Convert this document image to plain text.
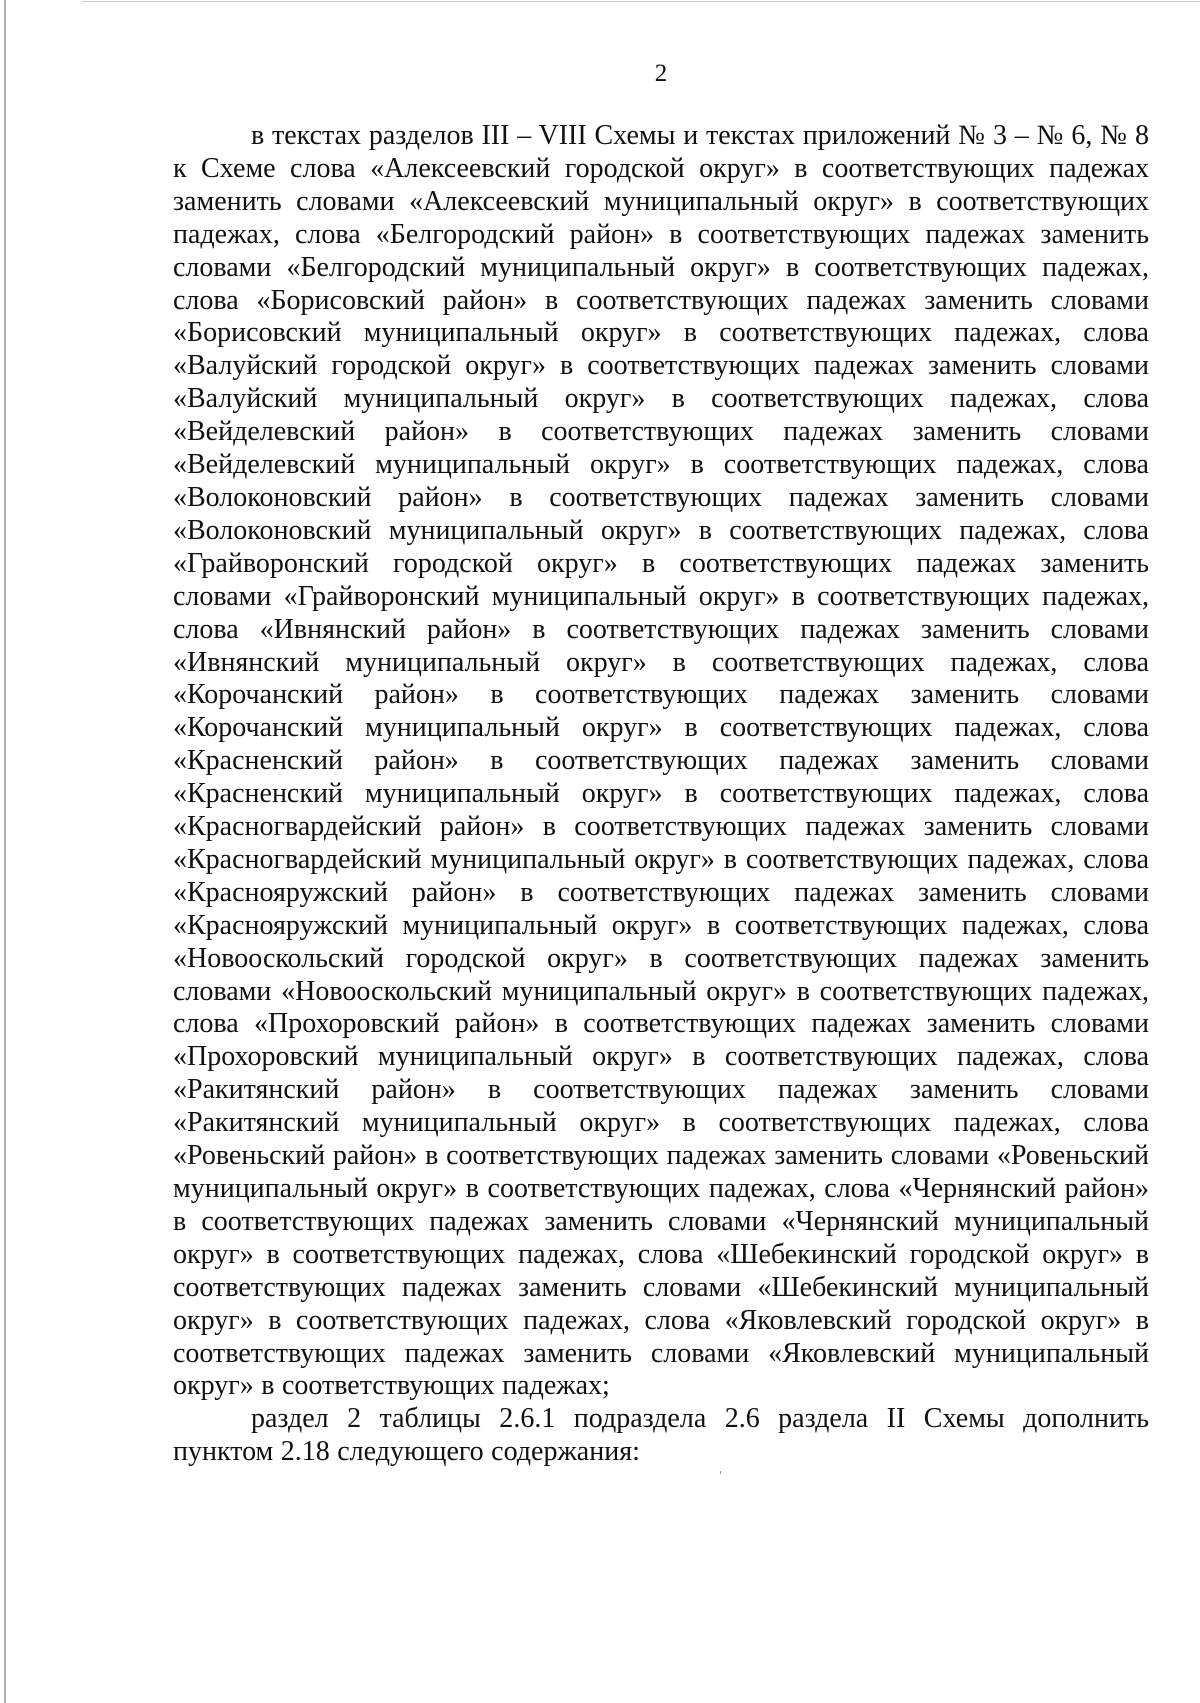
2

в текстах разделов III – VIII Схемы и текстах приложений № 3 – № 6, № 8 к Схеме слова «Алексеевский городской округ» в соответствующих падежах заменить словами «Алексеевский муниципальный округ» в соответствующих падежах, слова «Белгородский район» в соответствующих падежах заменить словами «Белгородский муниципальный округ» в соответствующих падежах, слова «Борисовский район» в соответствующих падежах заменить словами «Борисовский муниципальный округ» в соответствующих падежах, слова «Валуйский городской округ» в соответствующих падежах заменить словами «Валуйский муниципальный округ» в соответствующих падежах, слова «Вейделевский район» в соответствующих падежах заменить словами «Вейделевский муниципальный округ» в соответствующих падежах, слова «Волоконовский район» в соответствующих падежах заменить словами «Волоконовский муниципальный округ» в соответствующих падежах, слова «Грайворонский городской округ» в соответствующих падежах заменить словами «Грайворонский муниципальный округ» в соответствующих падежах, слова «Ивнянский район» в соответствующих падежах заменить словами «Ивнянский муниципальный округ» в соответствующих падежах, слова «Корочанский район» в соответствующих падежах заменить словами «Корочанский муниципальный округ» в соответствующих падежах, слова «Красненский район» в соответствующих падежах заменить словами «Красненский муниципальный округ» в соответствующих падежах, слова «Красногвардейский район» в соответствующих падежах заменить словами «Красногвардейский муниципальный округ» в соответствующих падежах, слова «Краснояружский район» в соответствующих падежах заменить словами «Краснояружский муниципальный округ» в соответствующих падежах, слова «Новооскольский городской округ» в соответствующих падежах заменить словами «Новооскольский муниципальный округ» в соответствующих падежах, слова «Прохоровский район» в соответствующих падежах заменить словами «Прохоровский муниципальный округ» в соответствующих падежах, слова «Ракитянский район» в соответствующих падежах заменить словами «Ракитянский муниципальный округ» в соответствующих падежах, слова «Ровеньский район» в соответствующих падежах заменить словами «Ровеньский муниципальный округ» в соответствующих падежах, слова «Чернянский район» в соответствующих падежах заменить словами «Чернянский муниципальный округ» в соответствующих падежах, слова «Шебекинский городской округ» в соответствующих падежах заменить словами «Шебекинский муниципальный округ» в соответствующих падежах, слова «Яковлевский городской округ» в соответствующих падежах заменить словами «Яковлевский муниципальный округ» в соответствующих падежах;

раздел 2 таблицы 2.6.1 подраздела 2.6 раздела II Схемы дополнить пунктом 2.18 следующего содержания:
